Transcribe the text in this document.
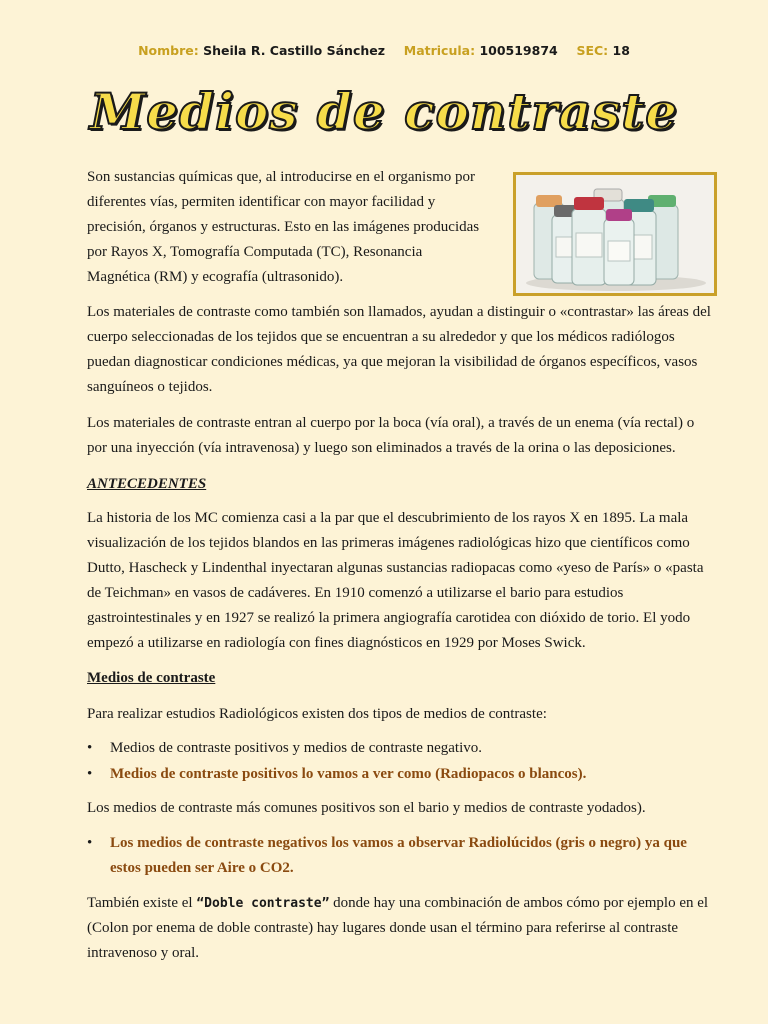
Nombre: Sheila R. Castillo Sánchez Matricula: 100519874 SEC: 18
Medios de contraste

Son sustancias químicas que, al introducirse en el organismo por diferentes vías, permiten identificar con mayor facilidad y precisión, órganos y estructuras. Esto en las imágenes producidas por Rayos X, Tomografía Computada (TC), Resonancia Magnética (RM) y ecografía (ultrasonido).

Los materiales de contraste como también son llamados, ayudan a distinguir o «contrastar» las áreas del cuerpo seleccionadas de los tejidos que se encuentran a su alrededor y que los médicos radiólogos puedan diagnosticar condiciones médicas, ya que mejoran la visibilidad de órganos específicos, vasos sanguíneos o tejidos.

Los materiales de contraste entran al cuerpo por la boca (vía oral), a través de un enema (vía rectal) o por una inyección (vía intravenosa) y luego son eliminados a través de la orina o las deposiciones.

ANTECEDENTES

La historia de los MC comienza casi a la par que el descubrimiento de los rayos X en 1895. La mala visualización de los tejidos blandos en las primeras imágenes radiológicas hizo que científicos como Dutto, Hascheck y Lindenthal inyectaran algunas sustancias radiopacas como «yeso de París» o «pasta de Teichman» en vasos de cadáveres. En 1910 comenzó a utilizarse el bario para estudios gastrointestinales y en 1927 se realizó la primera angiografía carotidea con dióxido de torio. El yodo empezó a utilizarse en radiología con fines diagnósticos en 1929 por Moses Swick.

Medios de contraste

Para realizar estudios Radiológicos existen dos tipos de medios de contraste:

•	Medios de contraste positivos y medios de contraste negativo.
•	Medios de contraste positivos lo vamos a ver como (Radiopacos o blancos).

Los medios de contraste más comunes positivos son el bario y medios de contraste yodados).

•	Los medios de contraste negativos los vamos a observar Radiolúcidos (gris o negro) ya que estos pueden ser Aire o CO2.

También existe el “Doble contraste” donde hay una combinación de ambos cómo por ejemplo en el (Colon por enema de doble contraste) hay lugares donde usan el término para referirse al contraste intravenoso y oral.
